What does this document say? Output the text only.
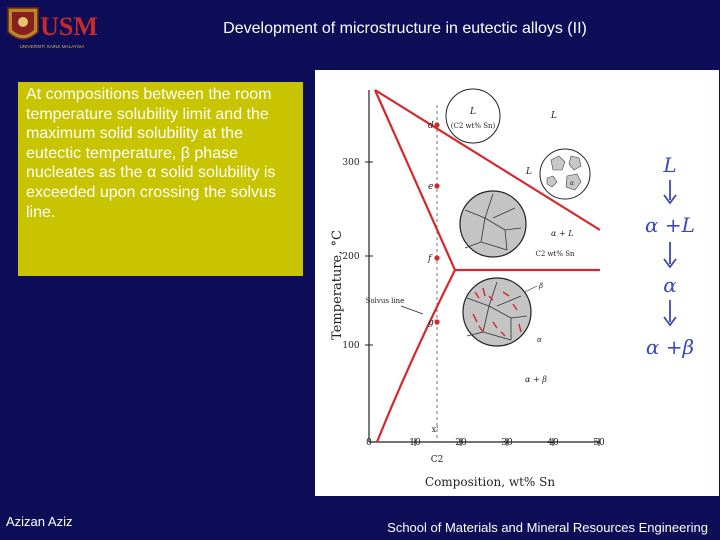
USM
UNIVERSITI SAINS MALAYSIA
Development of microstructure in eutectic alloys (II)

At compositions between the room temperature solubility limit and the maximum solid solubility at the eutectic temperature, β phase nucleates as the α solid solubility is exceeded upon crossing the solvus line.

300
200
100
0	10	20	30	40	50
Temperature, °C
Composition, wt% Sn
x'
C2
d
e
f
g
L
α + L
α + β
Solvus line
L
(C2 wt% Sn)
L
α
C2 wt% Sn
β
α
L
α +L
α
α +β
Azizan Aziz	School of Materials and Mineral Resources Engineering
